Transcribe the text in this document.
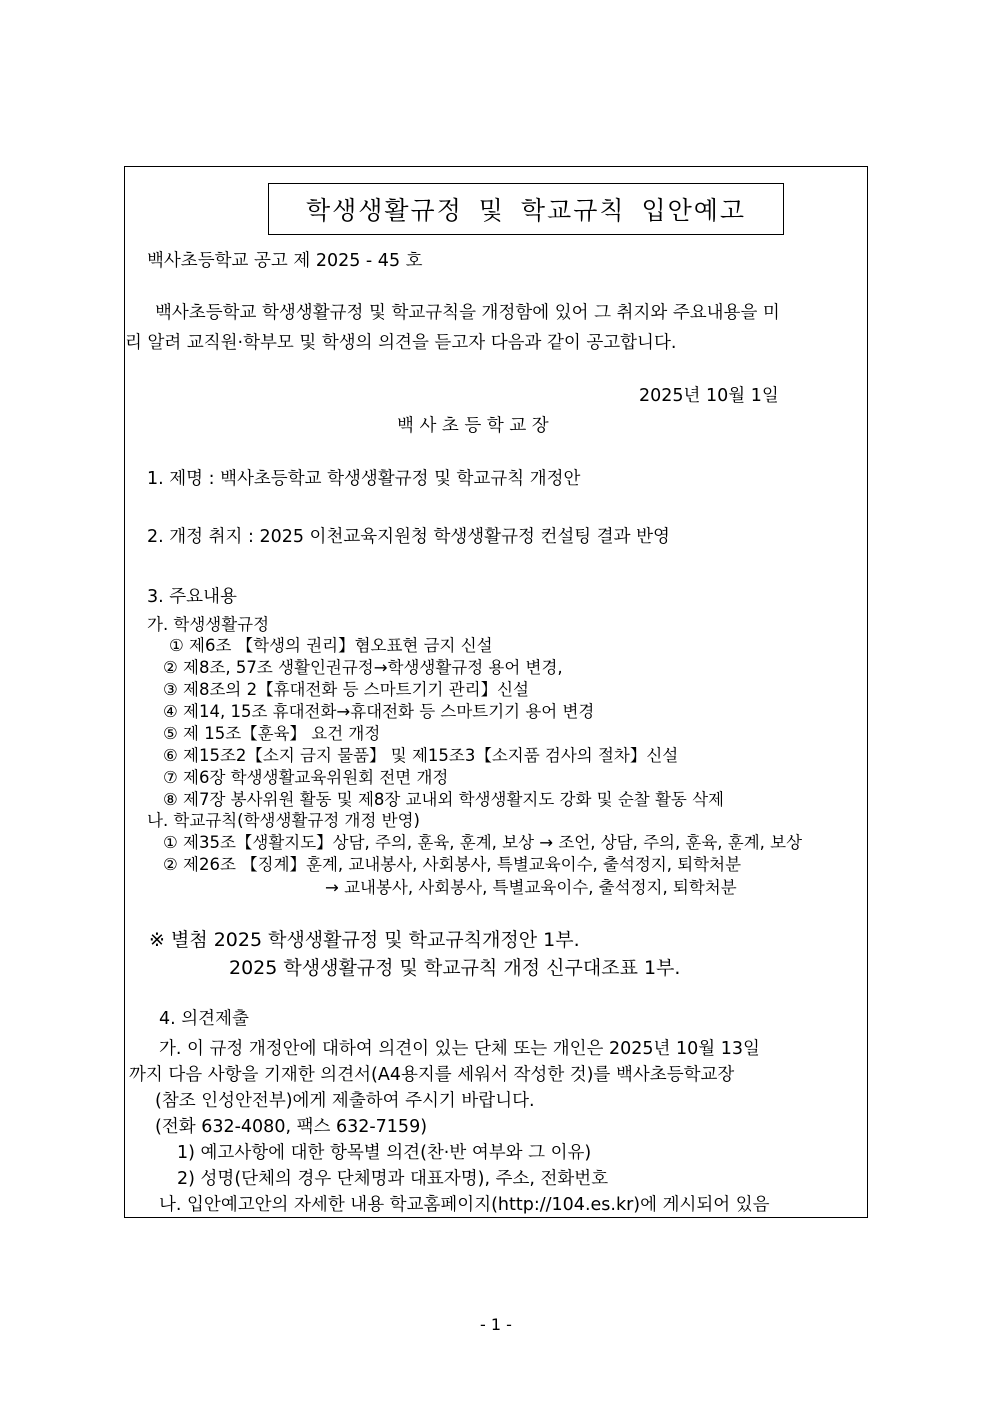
학생생활규정 및 학교규칙 입안예고
백사초등학교 공고 제 2025 - 45 호
백사초등학교 학생생활규정 및 학교규칙을 개정함에 있어 그 취지와 주요내용을 미
리 알려 교직원·학부모 및 학생의 의견을 듣고자 다음과 같이 공고합니다.
2025년 10월 1일
백 사 초 등 학 교 장
1. 제명 : 백사초등학교 학생생활규정 및 학교규칙 개정안
2. 개정 취지 : 2025 이천교육지원청 학생생활규정 컨설팅 결과 반영
3. 주요내용
가. 학생생활규정
① 제6조 【학생의 권리】혐오표현 금지 신설
② 제8조, 57조 생활인권규정→학생생활규정 용어 변경,
③ 제8조의 2【휴대전화 등 스마트기기 관리】신설
④ 제14, 15조 휴대전화→휴대전화 등 스마트기기 용어 변경
⑤ 제 15조【훈육】 요건 개정
⑥ 제15조2【소지 금지 물품】 및 제15조3【소지품 검사의 절차】신설
⑦ 제6장 학생생활교육위원회 전면 개정
⑧ 제7장 봉사위원 활동 및 제8장 교내외 학생생활지도 강화 및 순찰 활동 삭제
나. 학교규칙(학생생활규정 개정 반영)
① 제35조【생활지도】상담, 주의, 훈육, 훈계, 보상 → 조언, 상담, 주의, 훈육, 훈계, 보상
② 제26조 【징계】훈계, 교내봉사, 사회봉사, 특별교육이수, 출석정지, 퇴학처분
→ 교내봉사, 사회봉사, 특별교육이수, 출석정지, 퇴학처분
※ 별첨 2025 학생생활규정 및 학교규칙개정안 1부.
2025 학생생활규정 및 학교규칙 개정 신구대조표 1부.
4. 의견제출
가. 이 규정 개정안에 대하여 의견이 있는 단체 또는 개인은 2025년 10월 13일
까지 다음 사항을 기재한 의견서(A4용지를 세워서 작성한 것)를 백사초등학교장
(참조 인성안전부)에게 제출하여 주시기 바랍니다.
(전화 632-4080, 팩스 632-7159)
1) 예고사항에 대한 항목별 의견(찬·반 여부와 그 이유)
2) 성명(단체의 경우 단체명과 대표자명), 주소, 전화번호
나. 입안예고안의 자세한 내용 학교홈페이지(http://104.es.kr)에 게시되어 있음
- 1 -
